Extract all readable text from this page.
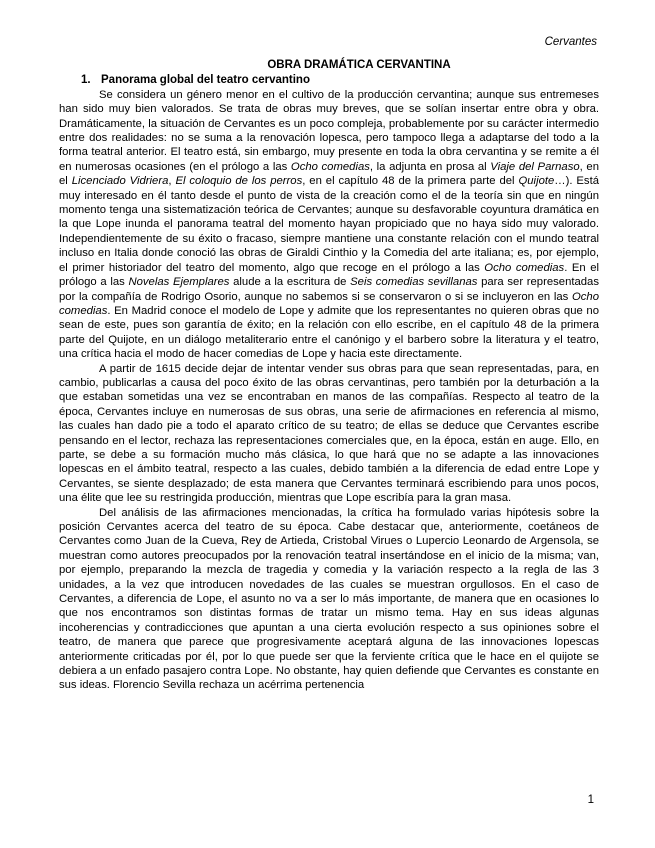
Cervantes
OBRA DRAMÁTICA CERVANTINA
1. Panorama global del teatro cervantino

Se considera un género menor en el cultivo de la producción cervantina; aunque sus entremeses han sido muy bien valorados. Se trata de obras muy breves, que se solían insertar entre obra y obra. Dramáticamente, la situación de Cervantes es un poco compleja, probablemente por su carácter intermedio entre dos realidades: no se suma a la renovación lopesca, pero tampoco llega a adaptarse del todo a la forma teatral anterior. El teatro está, sin embargo, muy presente en toda la obra cervantina y se remite a él en numerosas ocasiones (en el prólogo a las Ocho comedias, la adjunta en prosa al Viaje del Parnaso, en el Licenciado Vidriera, El coloquio de los perros, en el capítulo 48 de la primera parte del Quijote…). Está muy interesado en él tanto desde el punto de vista de la creación como el de la teoría sin que en ningún momento tenga una sistematización teórica de Cervantes; aunque su desfavorable coyuntura dramática en la que Lope inunda el panorama teatral del momento hayan propiciado que no haya sido muy valorado. Independientemente de su éxito o fracaso, siempre mantiene una constante relación con el mundo teatral incluso en Italia donde conoció las obras de Giraldi Cinthio y la Comedia del arte italiana; es, por ejemplo, el primer historiador del teatro del momento, algo que recoge en el prólogo a las Ocho comedias. En el prólogo a las Novelas Ejemplares alude a la escritura de Seis comedias sevillanas para ser representadas por la compañía de Rodrigo Osorio, aunque no sabemos si se conservaron o si se incluyeron en las Ocho comedias. En Madrid conoce el modelo de Lope y admite que los representantes no quieren obras que no sean de este, pues son garantía de éxito; en la relación con ello escribe, en el capítulo 48 de la primera parte del Quijote, en un diálogo metaliterario entre el canónigo y el barbero sobre la literatura y el teatro, una crítica hacia el modo de hacer comedias de Lope y hacia este directamente.

A partir de 1615 decide dejar de intentar vender sus obras para que sean representadas, para, en cambio, publicarlas a causa del poco éxito de las obras cervantinas, pero también por la deturbación a la que estaban sometidas una vez se encontraban en manos de las compañías. Respecto al teatro de la época, Cervantes incluye en numerosas de sus obras, una serie de afirmaciones en referencia al mismo, las cuales han dado pie a todo el aparato crítico de su teatro; de ellas se deduce que Cervantes escribe pensando en el lector, rechaza las representaciones comerciales que, en la época, están en auge. Ello, en parte, se debe a su formación mucho más clásica, lo que hará que no se adapte a las innovaciones lopescas en el ámbito teatral, respecto a las cuales, debido también a la diferencia de edad entre Lope y Cervantes, se siente desplazado; de esta manera que Cervantes terminará escribiendo para unos pocos, una élite que lee su restringida producción, mientras que Lope escribía para la gran masa.

Del análisis de las afirmaciones mencionadas, la crítica ha formulado varias hipótesis sobre la posición Cervantes acerca del teatro de su época. Cabe destacar que, anteriormente, coetáneos de Cervantes como Juan de la Cueva, Rey de Artieda, Cristobal Virues o Lupercio Leonardo de Argensola, se muestran como autores preocupados por la renovación teatral insertándose en el inicio de la misma; van, por ejemplo, preparando la mezcla de tragedia y comedia y la variación respecto a la regla de las 3 unidades, a la vez que introducen novedades de las cuales se muestran orgullosos. En el caso de Cervantes, a diferencia de Lope, el asunto no va a ser lo más importante, de manera que en ocasiones lo que nos encontramos son distintas formas de tratar un mismo tema. Hay en sus ideas algunas incoherencias y contradicciones que apuntan a una cierta evolución respecto a sus opiniones sobre el teatro, de manera que parece que progresivamente aceptará alguna de las innovaciones lopescas anteriormente criticadas por él, por lo que puede ser que la ferviente crítica que le hace en el quijote se debiera a un enfado pasajero contra Lope. No obstante, hay quien defiende que Cervantes es constante en sus ideas. Florencio Sevilla rechaza un acérrima pertenencia

1
